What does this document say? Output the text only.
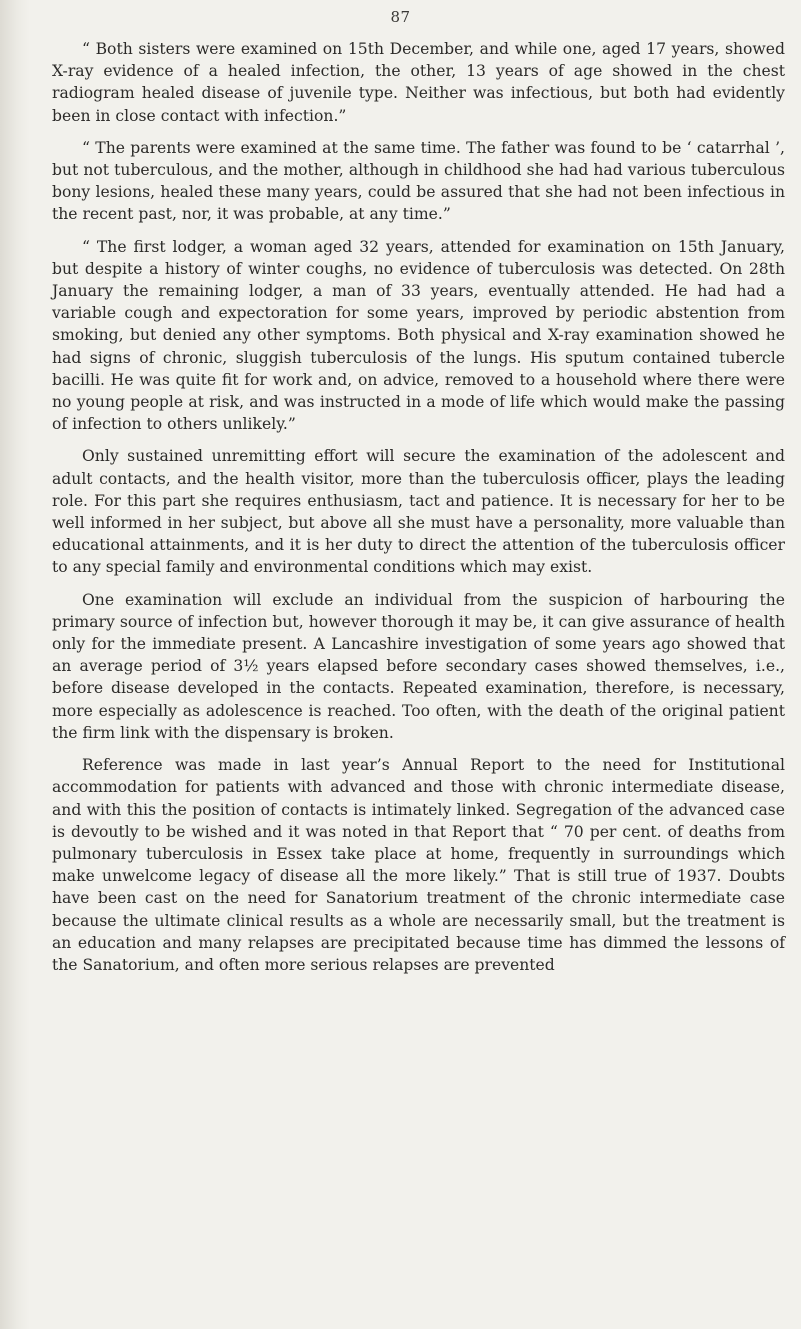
87

“ Both sisters were examined on 15th December, and while one, aged 17 years, showed X-ray evidence of a healed infection, the other, 13 years of age showed in the chest radiogram healed disease of juvenile type. Neither was infectious, but both had evidently been in close contact with infection.”

“ The parents were examined at the same time. The father was found to be ‘ catarrhal ’, but not tuberculous, and the mother, although in childhood she had had various tuberculous bony lesions, healed these many years, could be assured that she had not been infectious in the recent past, nor, it was probable, at any time.”

“ The first lodger, a woman aged 32 years, attended for examination on 15th January, but despite a history of winter coughs, no evidence of tuberculosis was detected. On 28th January the remaining lodger, a man of 33 years, eventually attended. He had had a variable cough and expectoration for some years, improved by periodic abstention from smoking, but denied any other symptoms. Both physical and X-ray examination showed he had signs of chronic, sluggish tuberculosis of the lungs. His sputum contained tubercle bacilli. He was quite fit for work and, on advice, removed to a household where there were no young people at risk, and was instructed in a mode of life which would make the passing of infection to others unlikely.”

Only sustained unremitting effort will secure the examination of the adolescent and adult contacts, and the health visitor, more than the tuberculosis officer, plays the leading role. For this part she requires enthusiasm, tact and patience. It is necessary for her to be well informed in her subject, but above all she must have a personality, more valuable than educational attainments, and it is her duty to direct the attention of the tuberculosis officer to any special family and environmental conditions which may exist.

One examination will exclude an individual from the suspicion of harbouring the primary source of infection but, however thorough it may be, it can give assurance of health only for the immediate present. A Lancashire investigation of some years ago showed that an average period of 3½ years elapsed before secondary cases showed themselves, i.e., before disease developed in the contacts. Repeated examination, therefore, is necessary, more especially as adolescence is reached. Too often, with the death of the original patient the firm link with the dispensary is broken.

Reference was made in last year’s Annual Report to the need for Institutional accommodation for patients with advanced and those with chronic intermediate disease, and with this the position of contacts is intimately linked. Segregation of the advanced case is devoutly to be wished and it was noted in that Report that “ 70 per cent. of deaths from pulmonary tuberculosis in Essex take place at home, frequently in surroundings which make unwelcome legacy of disease all the more likely.” That is still true of 1937. Doubts have been cast on the need for Sanatorium treatment of the chronic intermediate case because the ultimate clinical results as a whole are necessarily small, but the treatment is an education and many relapses are precipitated because time has dimmed the lessons of the Sanatorium, and often more serious relapses are prevented
